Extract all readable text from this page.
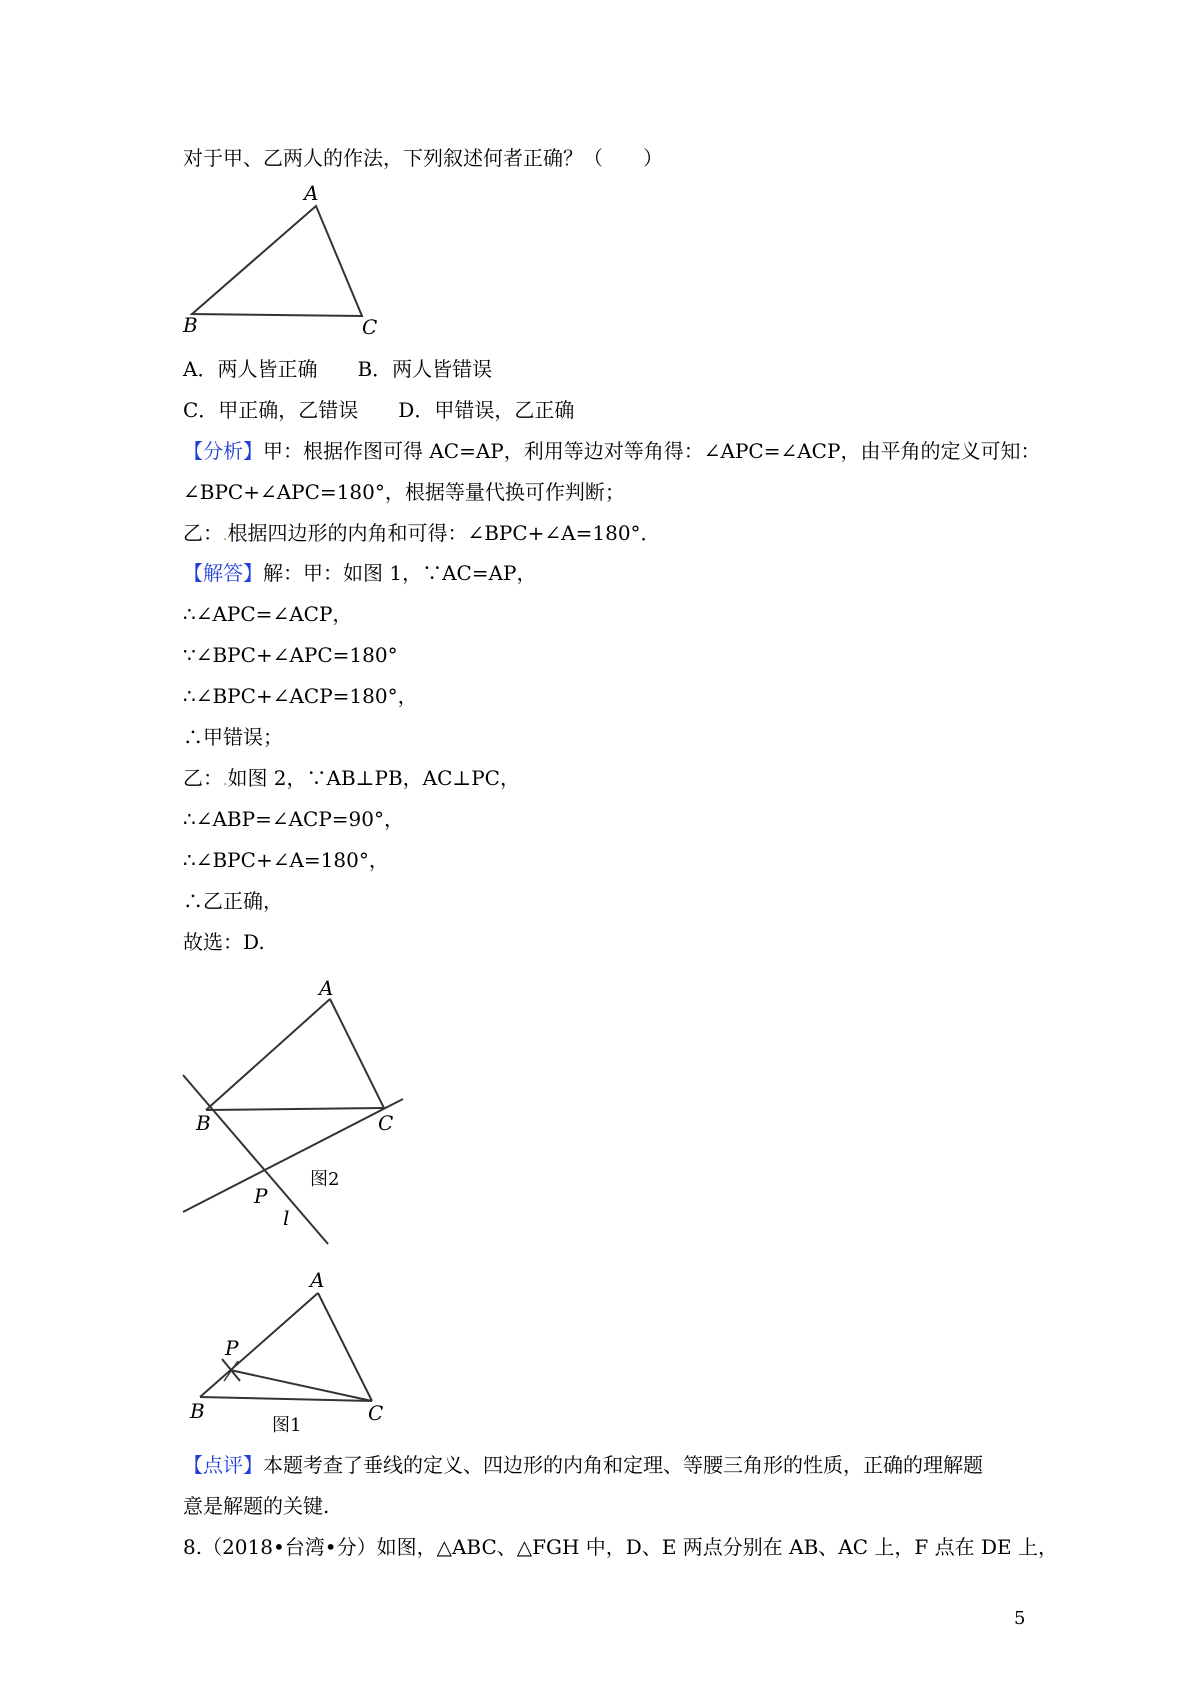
对于甲、乙两人的作法，下列叙述何者正确？（　　）
A
B	C
A．两人皆正确　　B．两人皆错误
C．甲正确，乙错误　　D．甲错误，乙正确
【分析】甲：根据作图可得 AC=AP，利用等边对等角得：∠APC=∠ACP，由平角的定义可知：
∠BPC+∠APC=180°，根据等量代换可作判断；
乙：.根据四边形的内角和可得：∠BPC+∠A=180°．
【解答】解：甲：如图 1，∵AC=AP，
∴∠APC=∠ACP，
∵∠BPC+∠APC=180°
∴∠BPC+∠ACP=180°，
∴甲错误；
乙：.如图 2，∵AB⊥PB，AC⊥PC，
∴∠ABP=∠ACP=90°，
∴∠BPC+∠A=180°，
∴乙正确，
故选：D.
A
B	C
P
l
图2
A
B	C
P
图1
【点评】本题考查了垂线的定义、四边形的内角和定理、等腰三角形的性质，正确的理解题
意是解题的关键.
8.（2018•台湾•分）如图，△ABC、△FGH 中，D、E 两点分别在 AB、AC 上，F 点在 DE 上，
5
